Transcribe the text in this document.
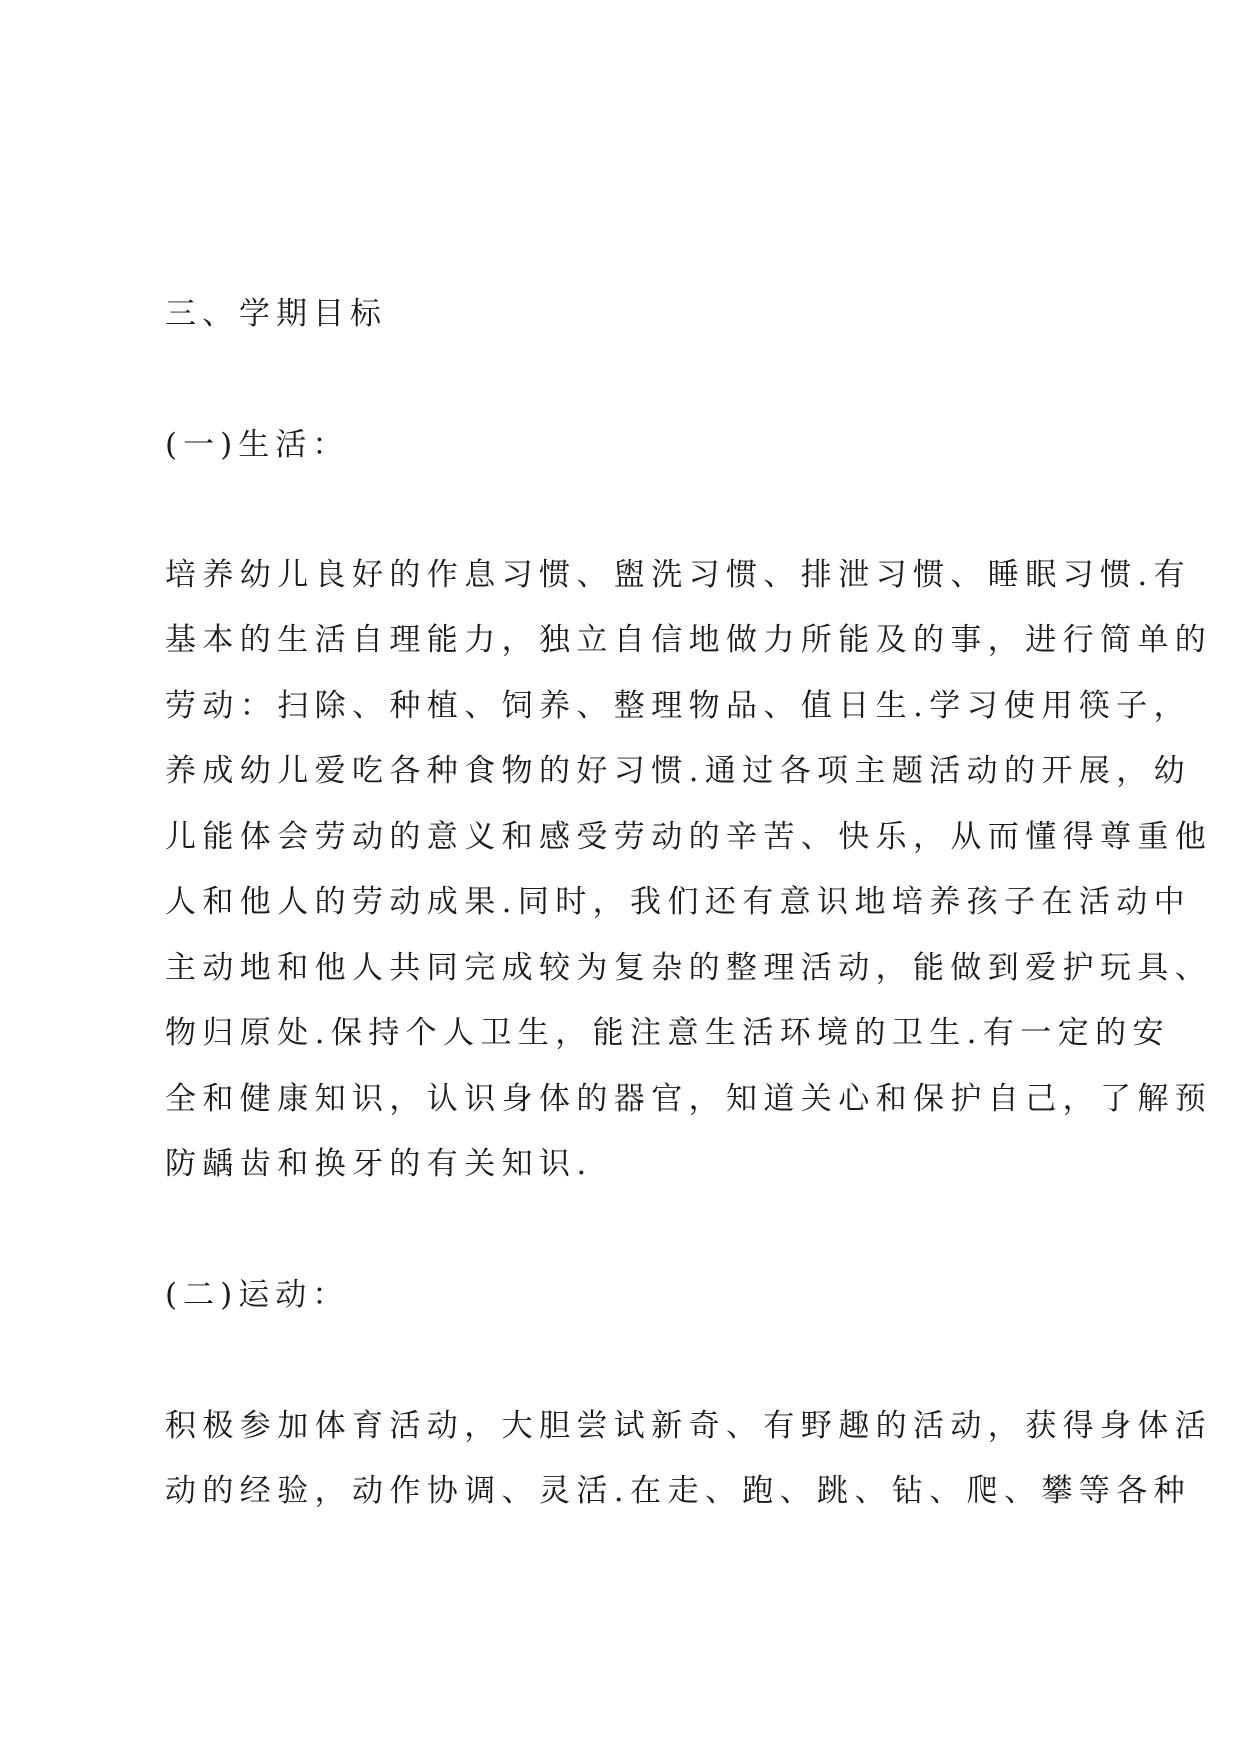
三、学期目标
(一)生活：
培养幼儿良好的作息习惯、盥洗习惯、排泄习惯、睡眠习惯.有
基本的生活自理能力，独立自信地做力所能及的事，进行简单的
劳动：扫除、种植、饲养、整理物品、值日生.学习使用筷子，
养成幼儿爱吃各种食物的好习惯.通过各项主题活动的开展，幼
儿能体会劳动的意义和感受劳动的辛苦、快乐，从而懂得尊重他
人和他人的劳动成果.同时，我们还有意识地培养孩子在活动中
主动地和他人共同完成较为复杂的整理活动，能做到爱护玩具、
物归原处.保持个人卫生，能注意生活环境的卫生.有一定的安
全和健康知识，认识身体的器官，知道关心和保护自己，了解预
防龋齿和换牙的有关知识.
(二)运动：
积极参加体育活动，大胆尝试新奇、有野趣的活动，获得身体活
动的经验，动作协调、灵活.在走、跑、跳、钻、爬、攀等各种
